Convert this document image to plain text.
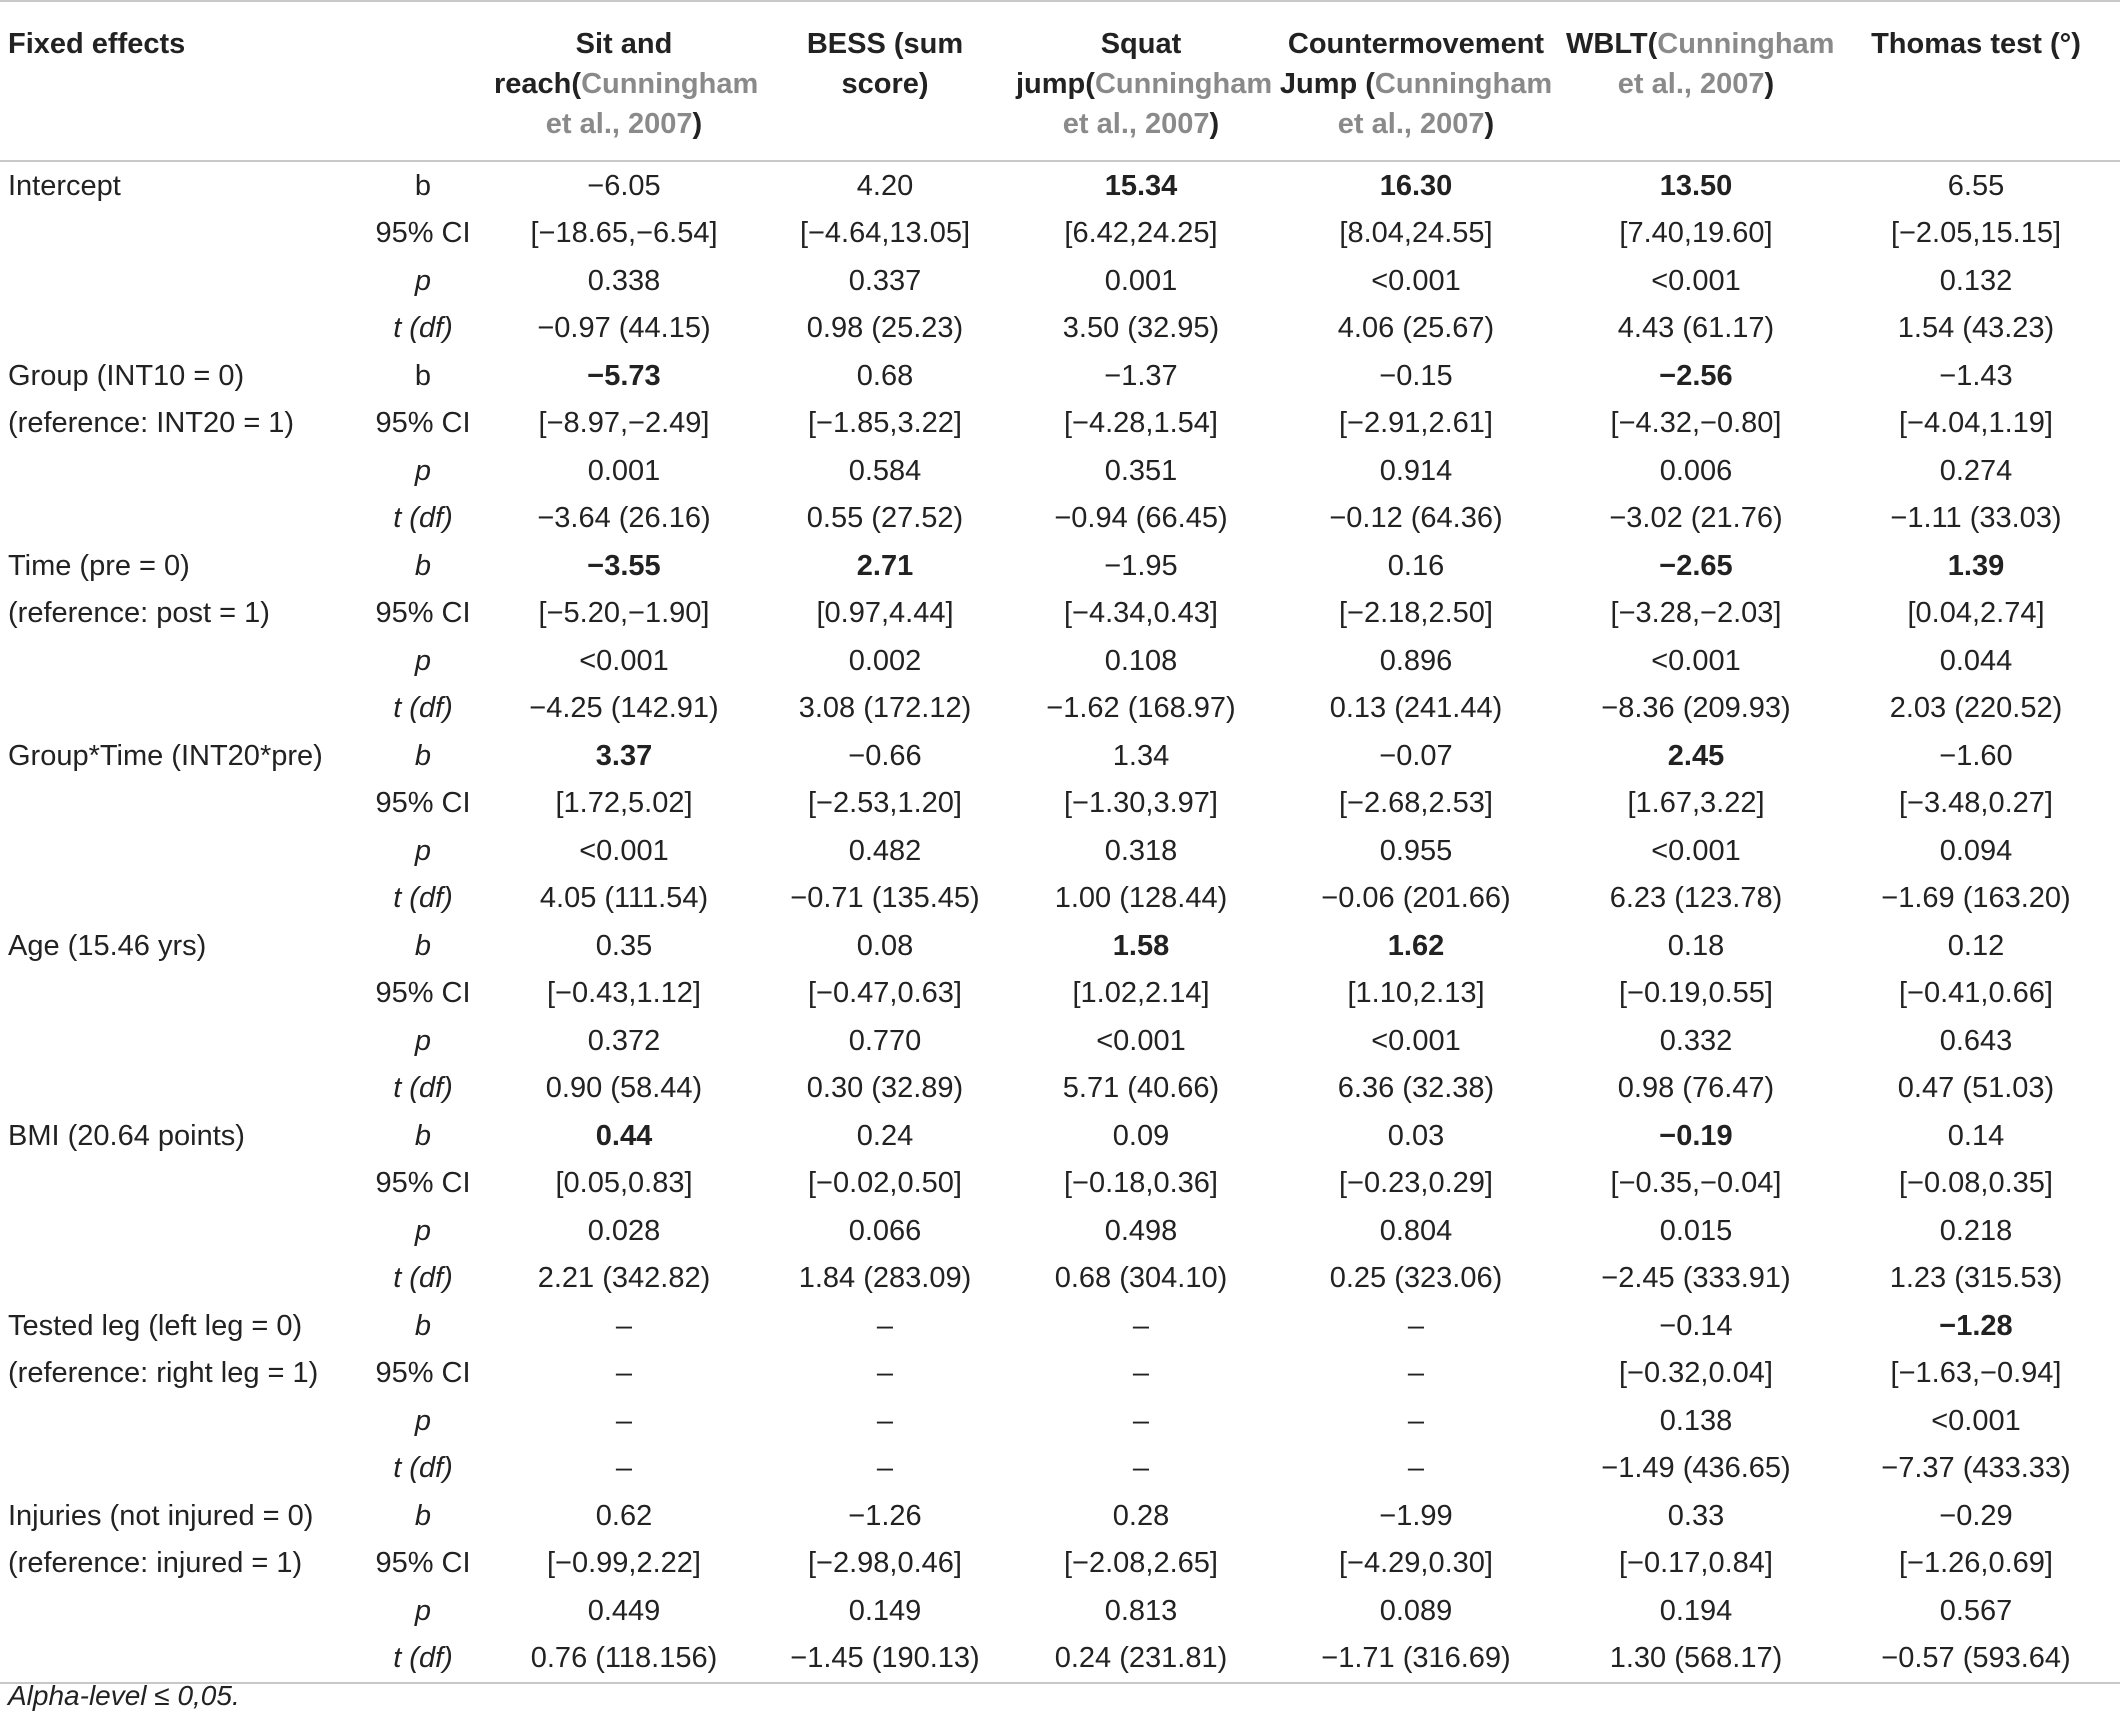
Fixed effects		Sit and reach(Cunningham et al., 2007)	BESS (sum score)	Squat jump(Cunningham et al., 2007)	Countermovement Jump (Cunningham et al., 2007)	WBLT(Cunningham et al., 2007)	Thomas test (°)
Intercept	b	−6.05	4.20	15.34	16.30	13.50	6.55
	95% CI	[−18.65,−6.54]	[−4.64,13.05]	[6.42,24.25]	[8.04,24.55]	[7.40,19.60]	[−2.05,15.15]
	p	0.338	0.337	0.001	<0.001	<0.001	0.132
	t (df)	−0.97 (44.15)	0.98 (25.23)	3.50 (32.95)	4.06 (25.67)	4.43 (61.17)	1.54 (43.23)
Group (INT10 = 0)	b	−5.73	0.68	−1.37	−0.15	−2.56	−1.43
(reference: INT20 = 1)	95% CI	[−8.97,−2.49]	[−1.85,3.22]	[−4.28,1.54]	[−2.91,2.61]	[−4.32,−0.80]	[−4.04,1.19]
	p	0.001	0.584	0.351	0.914	0.006	0.274
	t (df)	−3.64 (26.16)	0.55 (27.52)	−0.94 (66.45)	−0.12 (64.36)	−3.02 (21.76)	−1.11 (33.03)
Time (pre = 0)	b	−3.55	2.71	−1.95	0.16	−2.65	1.39
(reference: post = 1)	95% CI	[−5.20,−1.90]	[0.97,4.44]	[−4.34,0.43]	[−2.18,2.50]	[−3.28,−2.03]	[0.04,2.74]
	p	<0.001	0.002	0.108	0.896	<0.001	0.044
	t (df)	−4.25 (142.91)	3.08 (172.12)	−1.62 (168.97)	0.13 (241.44)	−8.36 (209.93)	2.03 (220.52)
Group*Time (INT20*pre)	b	3.37	−0.66	1.34	−0.07	2.45	−1.60
	95% CI	[1.72,5.02]	[−2.53,1.20]	[−1.30,3.97]	[−2.68,2.53]	[1.67,3.22]	[−3.48,0.27]
	p	<0.001	0.482	0.318	0.955	<0.001	0.094
	t (df)	4.05 (111.54)	−0.71 (135.45)	1.00 (128.44)	−0.06 (201.66)	6.23 (123.78)	−1.69 (163.20)
Age (15.46 yrs)	b	0.35	0.08	1.58	1.62	0.18	0.12
	95% CI	[−0.43,1.12]	[−0.47,0.63]	[1.02,2.14]	[1.10,2.13]	[−0.19,0.55]	[−0.41,0.66]
	p	0.372	0.770	<0.001	<0.001	0.332	0.643
	t (df)	0.90 (58.44)	0.30 (32.89)	5.71 (40.66)	6.36 (32.38)	0.98 (76.47)	0.47 (51.03)
BMI (20.64 points)	b	0.44	0.24	0.09	0.03	−0.19	0.14
	95% CI	[0.05,0.83]	[−0.02,0.50]	[−0.18,0.36]	[−0.23,0.29]	[−0.35,−0.04]	[−0.08,0.35]
	p	0.028	0.066	0.498	0.804	0.015	0.218
	t (df)	2.21 (342.82)	1.84 (283.09)	0.68 (304.10)	0.25 (323.06)	−2.45 (333.91)	1.23 (315.53)
Tested leg (left leg = 0)	b	–	–	–	–	−0.14	−1.28
(reference: right leg = 1)	95% CI	–	–	–	–	[−0.32,0.04]	[−1.63,−0.94]
	p	–	–	–	–	0.138	<0.001
	t (df)	–	–	–	–	−1.49 (436.65)	−7.37 (433.33)
Injuries (not injured = 0)	b	0.62	−1.26	0.28	−1.99	0.33	−0.29
(reference: injured = 1)	95% CI	[−0.99,2.22]	[−2.98,0.46]	[−2.08,2.65]	[−4.29,0.30]	[−0.17,0.84]	[−1.26,0.69]
	p	0.449	0.149	0.813	0.089	0.194	0.567
	t (df)	0.76 (118.156)	−1.45 (190.13)	0.24 (231.81)	−1.71 (316.69)	1.30 (568.17)	−0.57 (593.64)
Alpha-level ≤ 0,05.
